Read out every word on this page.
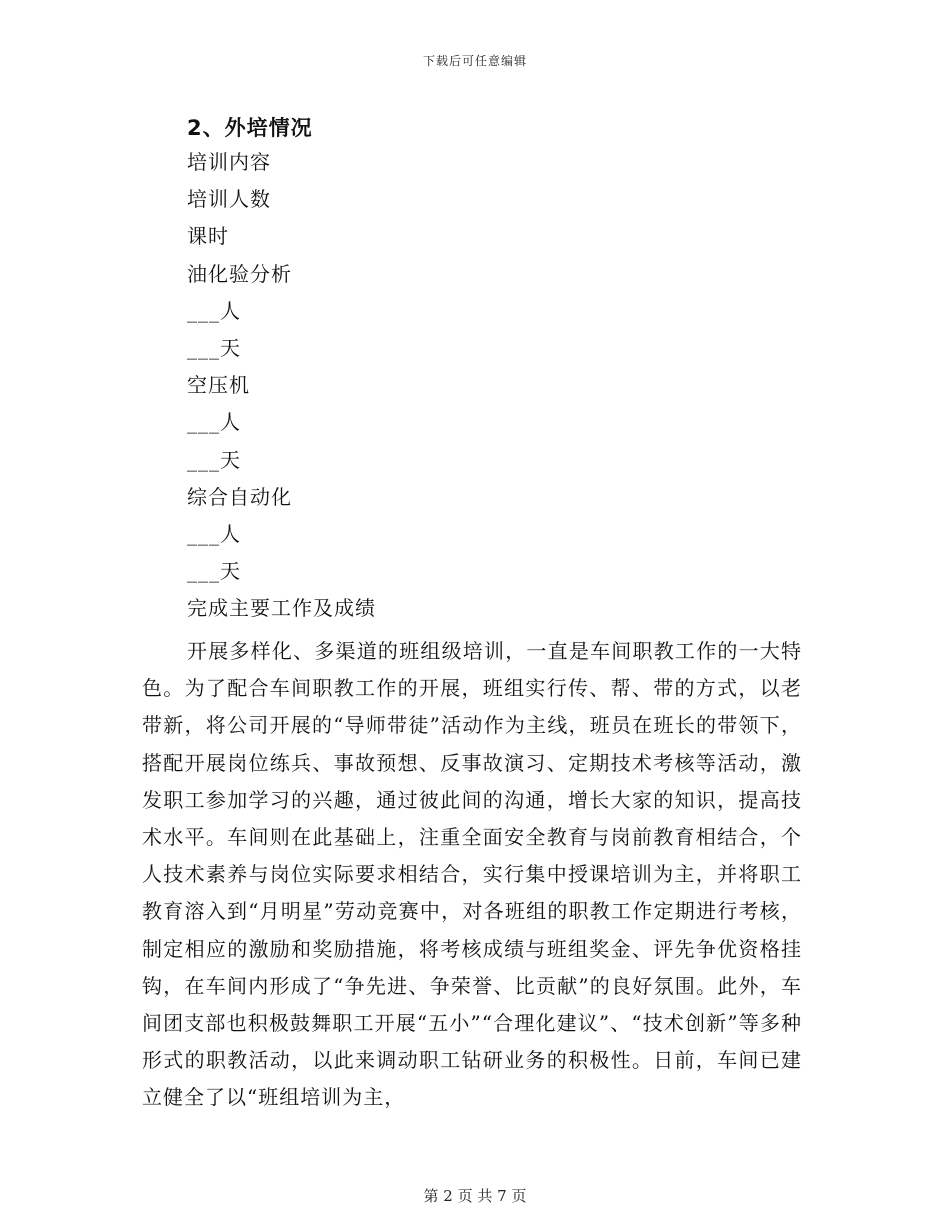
下载后可任意编辑
2、外培情况
培训内容
培训人数
课时
油化验分析
___人
___天
空压机
___人
___天
综合自动化
___人
___天
完成主要工作及成绩

开展多样化、多渠道的班组级培训，一直是车间职教工作的一大特色。为了配合车间职教工作的开展，班组实行传、帮、带的方式，以老带新，将公司开展的“导师带徒”活动作为主线，班员在班长的带领下，搭配开展岗位练兵、事故预想、反事故演习、定期技术考核等活动，激发职工参加学习的兴趣，通过彼此间的沟通，增长大家的知识，提高技术水平。车间则在此基础上，注重全面安全教育与岗前教育相结合，个人技术素养与岗位实际要求相结合，实行集中授课培训为主，并将职工教育溶入到“月明星”劳动竞赛中，对各班组的职教工作定期进行考核，制定相应的激励和奖励措施，将考核成绩与班组奖金、评先争优资格挂钩，在车间内形成了“争先进、争荣誉、比贡献”的良好氛围。此外，车间团支部也积极鼓舞职工开展“五小”“合理化建议”、“技术创新”等多种形式的职教活动，以此来调动职工钻研业务的积极性。日前，车间已建立健全了以“班组培训为主，

第 2 页 共 7 页
